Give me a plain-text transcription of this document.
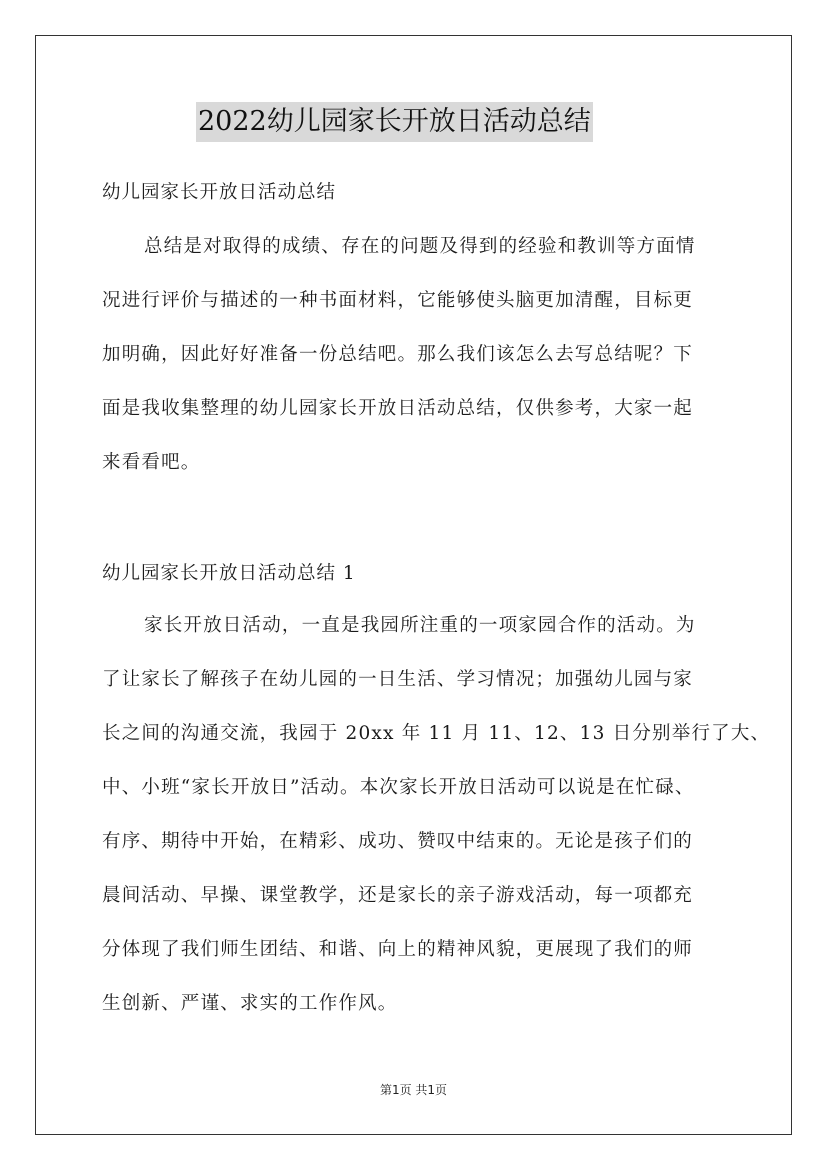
2022幼儿园家长开放日活动总结
幼儿园家长开放日活动总结
总结是对取得的成绩、存在的问题及得到的经验和教训等方面情
况进行评价与描述的一种书面材料，它能够使头脑更加清醒，目标更
加明确，因此好好准备一份总结吧。那么我们该怎么去写总结呢？下
面是我收集整理的幼儿园家长开放日活动总结，仅供参考，大家一起
来看看吧。
幼儿园家长开放日活动总结 1
家长开放日活动，一直是我园所注重的一项家园合作的活动。为
了让家长了解孩子在幼儿园的一日生活、学习情况；加强幼儿园与家
长之间的沟通交流，我园于 20xx 年 11 月 11、12、13 日分别举行了大、
中、小班“家长开放日”活动。本次家长开放日活动可以说是在忙碌、
有序、期待中开始，在精彩、成功、赞叹中结束的。无论是孩子们的
晨间活动、早操、课堂教学，还是家长的亲子游戏活动，每一项都充
分体现了我们师生团结、和谐、向上的精神风貌，更展现了我们的师
生创新、严谨、求实的工作作风。
第1页 共1页
